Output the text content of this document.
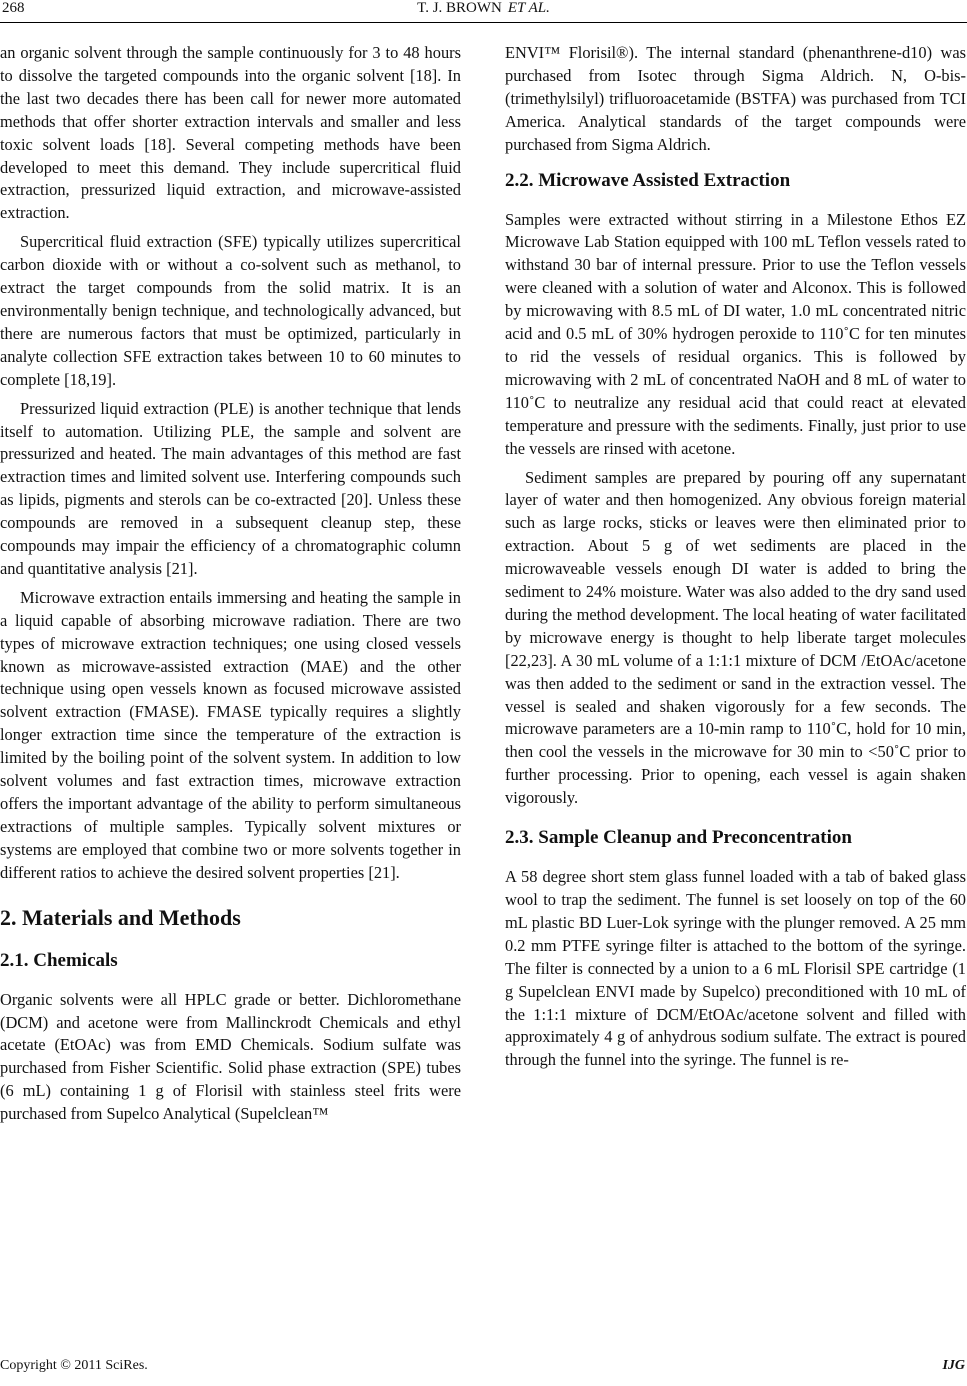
268	T. J. BROWN ET AL.

an organic solvent through the sample continuously for 3 to 48 hours to dissolve the targeted compounds into the organic solvent [18]. In the last two decades there has been call for newer more automated methods that offer shorter extraction intervals and smaller and less toxic solvent loads [18]. Several competing methods have been developed to meet this demand. They include supercritical fluid extraction, pressurized liquid extraction, and microwave-assisted extraction.

Supercritical fluid extraction (SFE) typically utilizes supercritical carbon dioxide with or without a co-solvent such as methanol, to extract the target compounds from the solid matrix. It is an environmentally benign technique, and technologically advanced, but there are numerous factors that must be optimized, particularly in analyte collection SFE extraction takes between 10 to 60 minutes to complete [18,19].

Pressurized liquid extraction (PLE) is another technique that lends itself to automation. Utilizing PLE, the sample and solvent are pressurized and heated. The main advantages of this method are fast extraction times and limited solvent use. Interfering compounds such as lipids, pigments and sterols can be co-extracted [20]. Unless these compounds are removed in a subsequent cleanup step, these compounds may impair the efficiency of a chromatographic column and quantitative analysis [21].

Microwave extraction entails immersing and heating the sample in a liquid capable of absorbing microwave radiation. There are two types of microwave extraction techniques; one using closed vessels known as microwave-assisted extraction (MAE) and the other technique using open vessels known as focused microwave assisted solvent extraction (FMASE). FMASE typically requires a slightly longer extraction time since the temperature of the extraction is limited by the boiling point of the solvent system. In addition to low solvent volumes and fast extraction times, microwave extraction offers the important advantage of the ability to perform simultaneous extractions of multiple samples. Typically solvent mixtures or systems are employed that combine two or more solvents together in different ratios to achieve the desired solvent properties [21].

2. Materials and Methods
2.1. Chemicals

Organic solvents were all HPLC grade or better. Dichloromethane (DCM) and acetone were from Mallinckrodt Chemicals and ethyl acetate (EtOAc) was from EMD Chemicals. Sodium sulfate was purchased from Fisher Scientific. Solid phase extraction (SPE) tubes (6 mL) containing 1 g of Florisil with stainless steel frits were purchased from Supelco Analytical (Supelclean™

ENVI™ Florisil®). The internal standard (phenanthrene-d10) was purchased from Isotec through Sigma Aldrich. N, O-bis-(trimethylsilyl) trifluoroacetamide (BSTFA) was purchased from TCI America. Analytical standards of the target compounds were purchased from Sigma Aldrich.

2.2. Microwave Assisted Extraction

Samples were extracted without stirring in a Milestone Ethos EZ Microwave Lab Station equipped with 100 mL Teflon vessels rated to withstand 30 bar of internal pressure. Prior to use the Teflon vessels were cleaned with a solution of water and Alconox. This is followed by microwaving with 8.5 mL of DI water, 1.0 mL concentrated nitric acid and 0.5 mL of 30% hydrogen peroxide to 110˚C for ten minutes to rid the vessels of residual organics. This is followed by microwaving with 2 mL of concentrated NaOH and 8 mL of water to 110˚C to neutralize any residual acid that could react at elevated temperature and pressure with the sediments. Finally, just prior to use the vessels are rinsed with acetone.

Sediment samples are prepared by pouring off any supernatant layer of water and then homogenized. Any obvious foreign material such as large rocks, sticks or leaves were then eliminated prior to extraction. About 5 g of wet sediments are placed in the microwaveable vessels enough DI water is added to bring the sediment to 24% moisture. Water was also added to the dry sand used during the method development. The local heating of water facilitated by microwave energy is thought to help liberate target molecules [22,23]. A 30 mL volume of a 1:1:1 mixture of DCM /EtOAc/acetone was then added to the sediment or sand in the extraction vessel. The vessel is sealed and shaken vigorously for a few seconds. The microwave parameters are a 10-min ramp to 110˚C, hold for 10 min, then cool the vessels in the microwave for 30 min to <50˚C prior to further processing. Prior to opening, each vessel is again shaken vigorously.

2.3. Sample Cleanup and Preconcentration

A 58 degree short stem glass funnel loaded with a tab of baked glass wool to trap the sediment. The funnel is set loosely on top of the 60 mL plastic BD Luer-Lok syringe with the plunger removed. A 25 mm 0.2 mm PTFE syringe filter is attached to the bottom of the syringe. The filter is connected by a union to a 6 mL Florisil SPE cartridge (1 g Supelclean ENVI made by Supelco) preconditioned with 10 mL of the 1:1:1 mixture of DCM/EtOAc/acetone solvent and filled with approximately 4 g of anhydrous sodium sulfate. The extract is poured through the funnel into the syringe. The funnel is re-

Copyright © 2011 SciRes.	IJG
